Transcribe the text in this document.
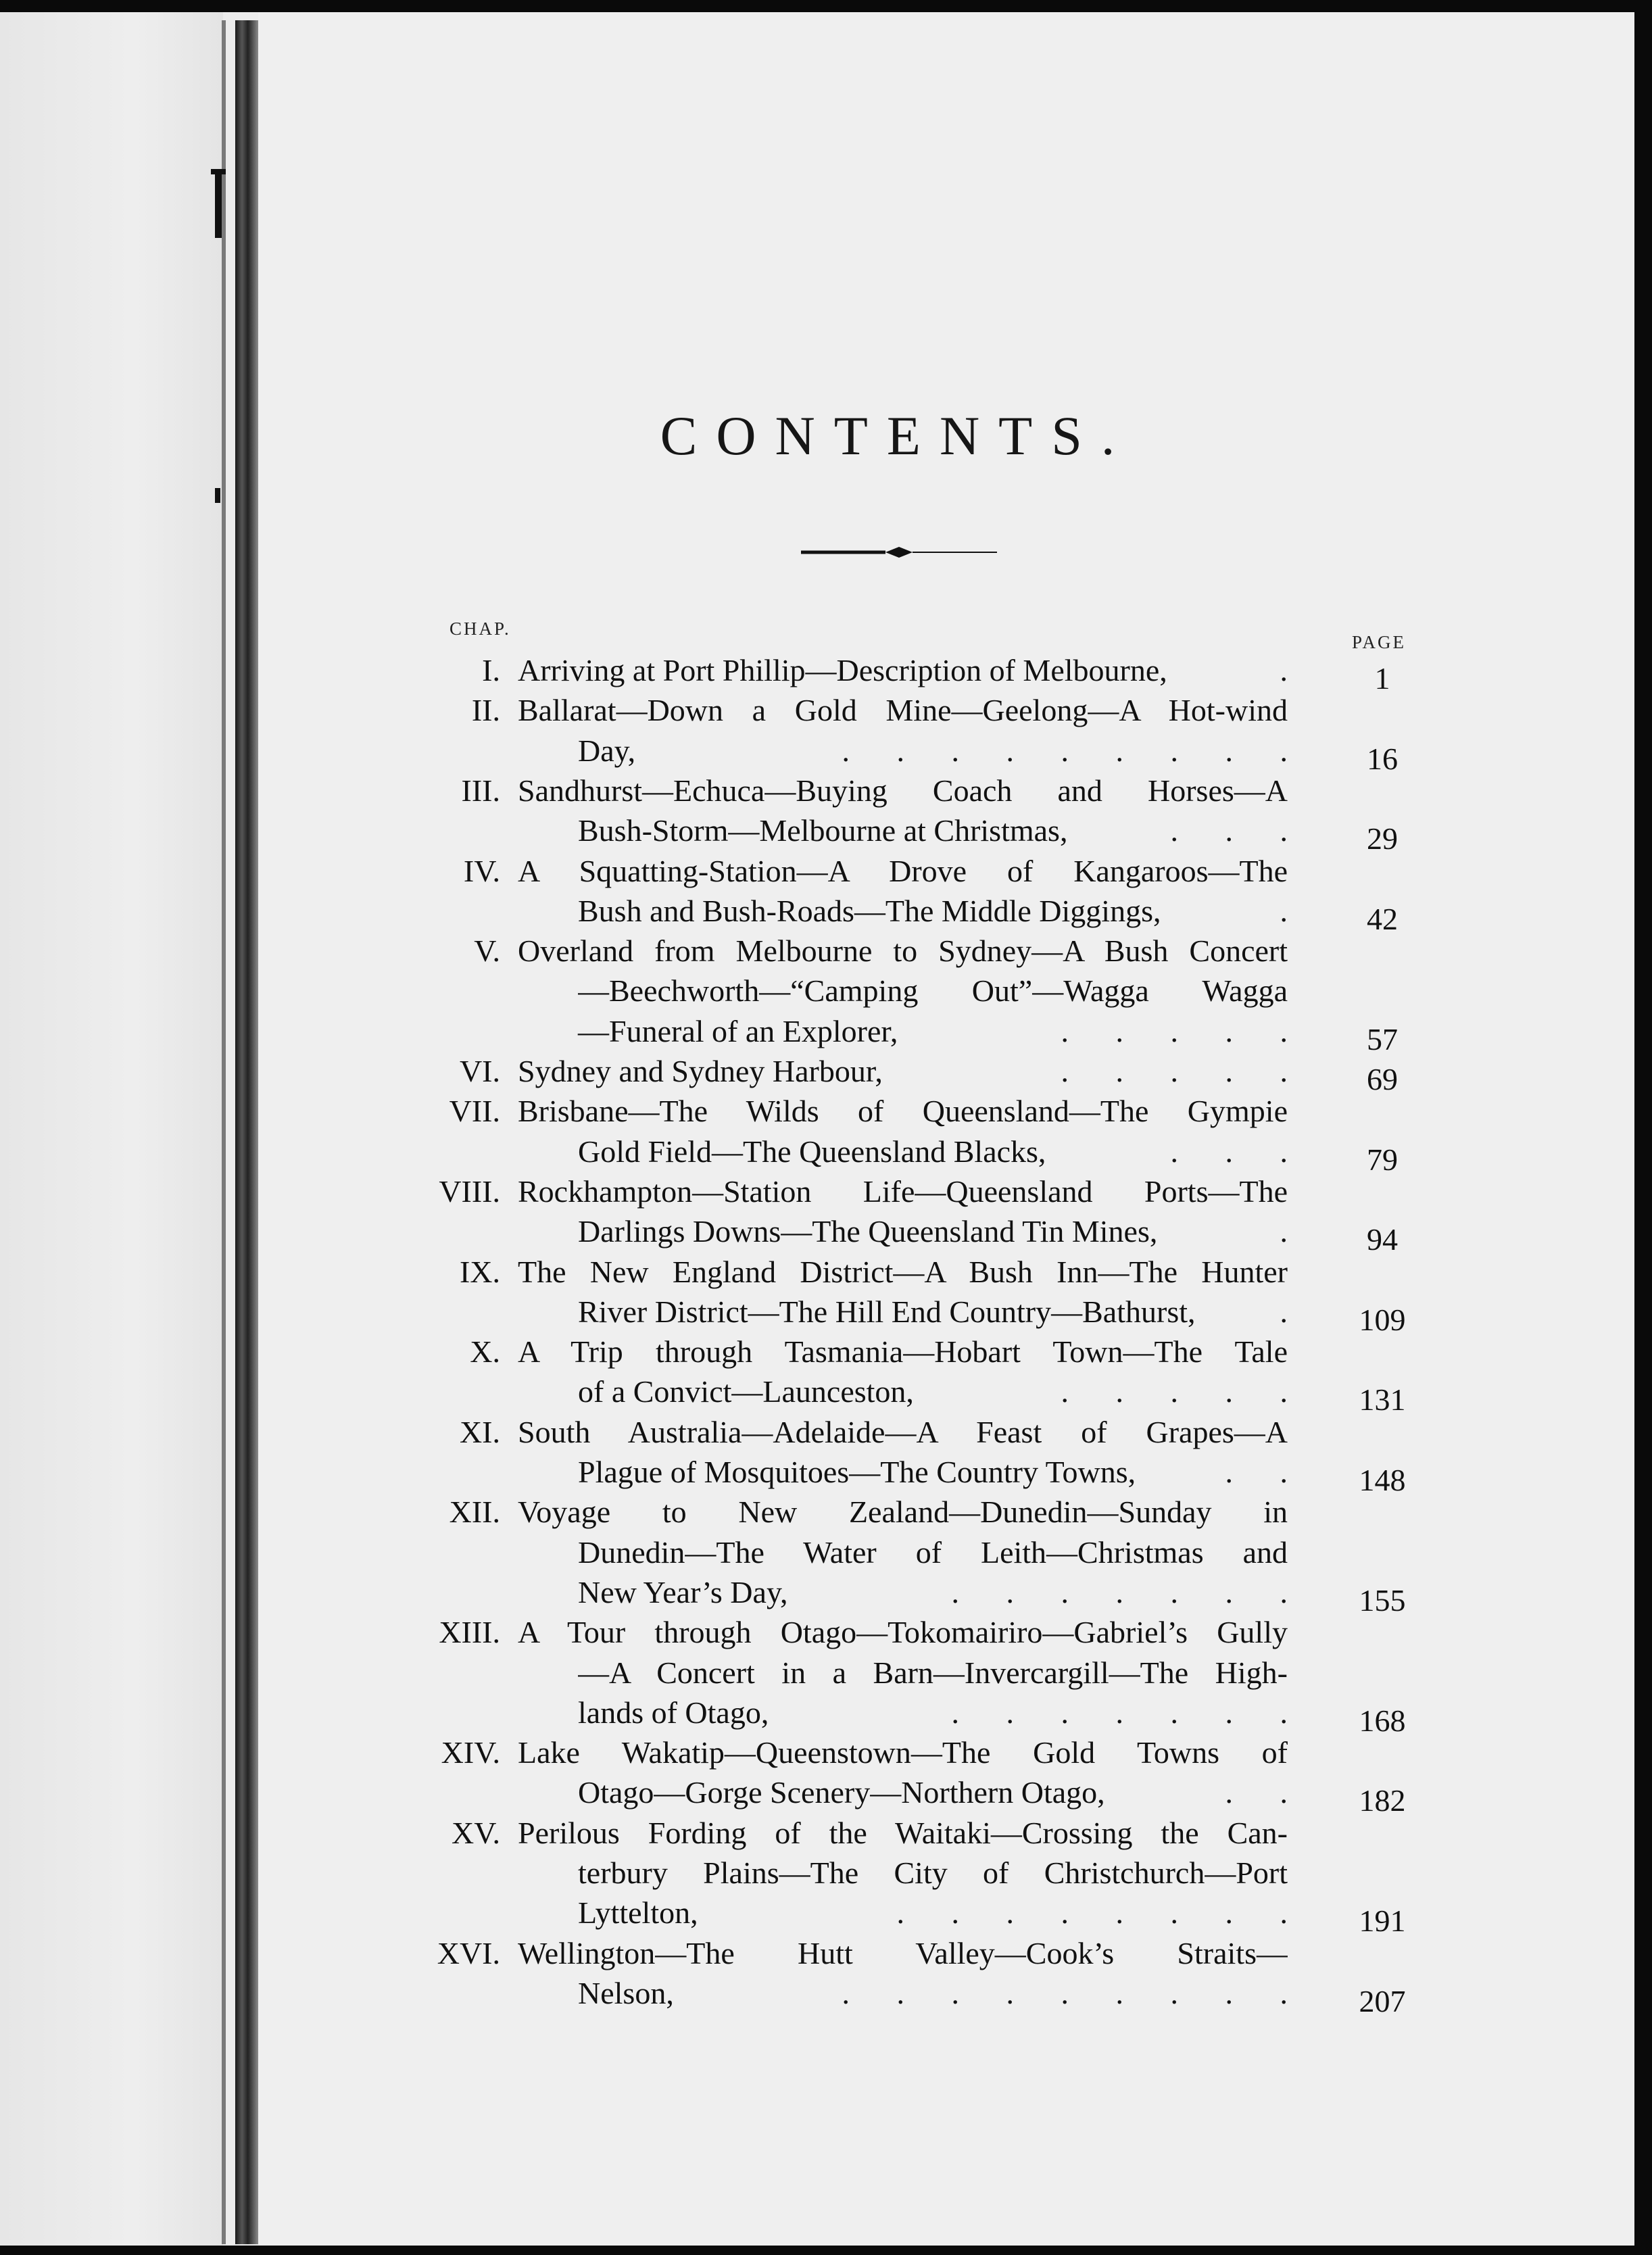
CONTENTS.
CHAP.
PAGE
I. Arriving at Port Phillip—Description of Melbourne,	.	1
II. Ballarat—Down a Gold Mine—Geelong—A Hot-wind
Day,	. . . . . . . . .	16
III. Sandhurst—Echuca—Buying Coach and Horses—A
Bush-Storm—Melbourne at Christmas,	. . .	29
IV. A Squatting-Station—A Drove of Kangaroos—The
Bush and Bush-Roads—The Middle Diggings,	.	42
V. Overland from Melbourne to Sydney—A Bush Concert
—Beechworth—“Camping Out”—Wagga Wagga
—Funeral of an Explorer,	. . . . .	57
VI. Sydney and Sydney Harbour,	. . . . .	69
VII. Brisbane—The Wilds of Queensland—The Gympie
Gold Field—The Queensland Blacks,	. . .	79
VIII. Rockhampton—Station Life—Queensland Ports—The
Darlings Downs—The Queensland Tin Mines,	.	94
IX. The New England District—A Bush Inn—The Hunter
River District—The Hill End Country—Bathurst,	.	109
X. A Trip through Tasmania—Hobart Town—The Tale
of a Convict—Launceston,	. . . . .	131
XI. South Australia—Adelaide—A Feast of Grapes—A
Plague of Mosquitoes—The Country Towns,	. .	148
XII. Voyage to New Zealand—Dunedin—Sunday in
Dunedin—The Water of Leith—Christmas and
New Year’s Day,	. . . . . . .	155
XIII. A Tour through Otago—Tokomairiro—Gabriel’s Gully
—A Concert in a Barn—Invercargill—The High-
lands of Otago,	. . . . . . .	168
XIV. Lake Wakatip—Queenstown—The Gold Towns of
Otago—Gorge Scenery—Northern Otago,	. .	182
XV. Perilous Fording of the Waitaki—Crossing the Can-
terbury Plains—The City of Christchurch—Port
Lyttelton,	. . . . . . . .	191
XVI. Wellington—The Hutt Valley—Cook’s Straits—
Nelson,	. . . . . . . . .	207
